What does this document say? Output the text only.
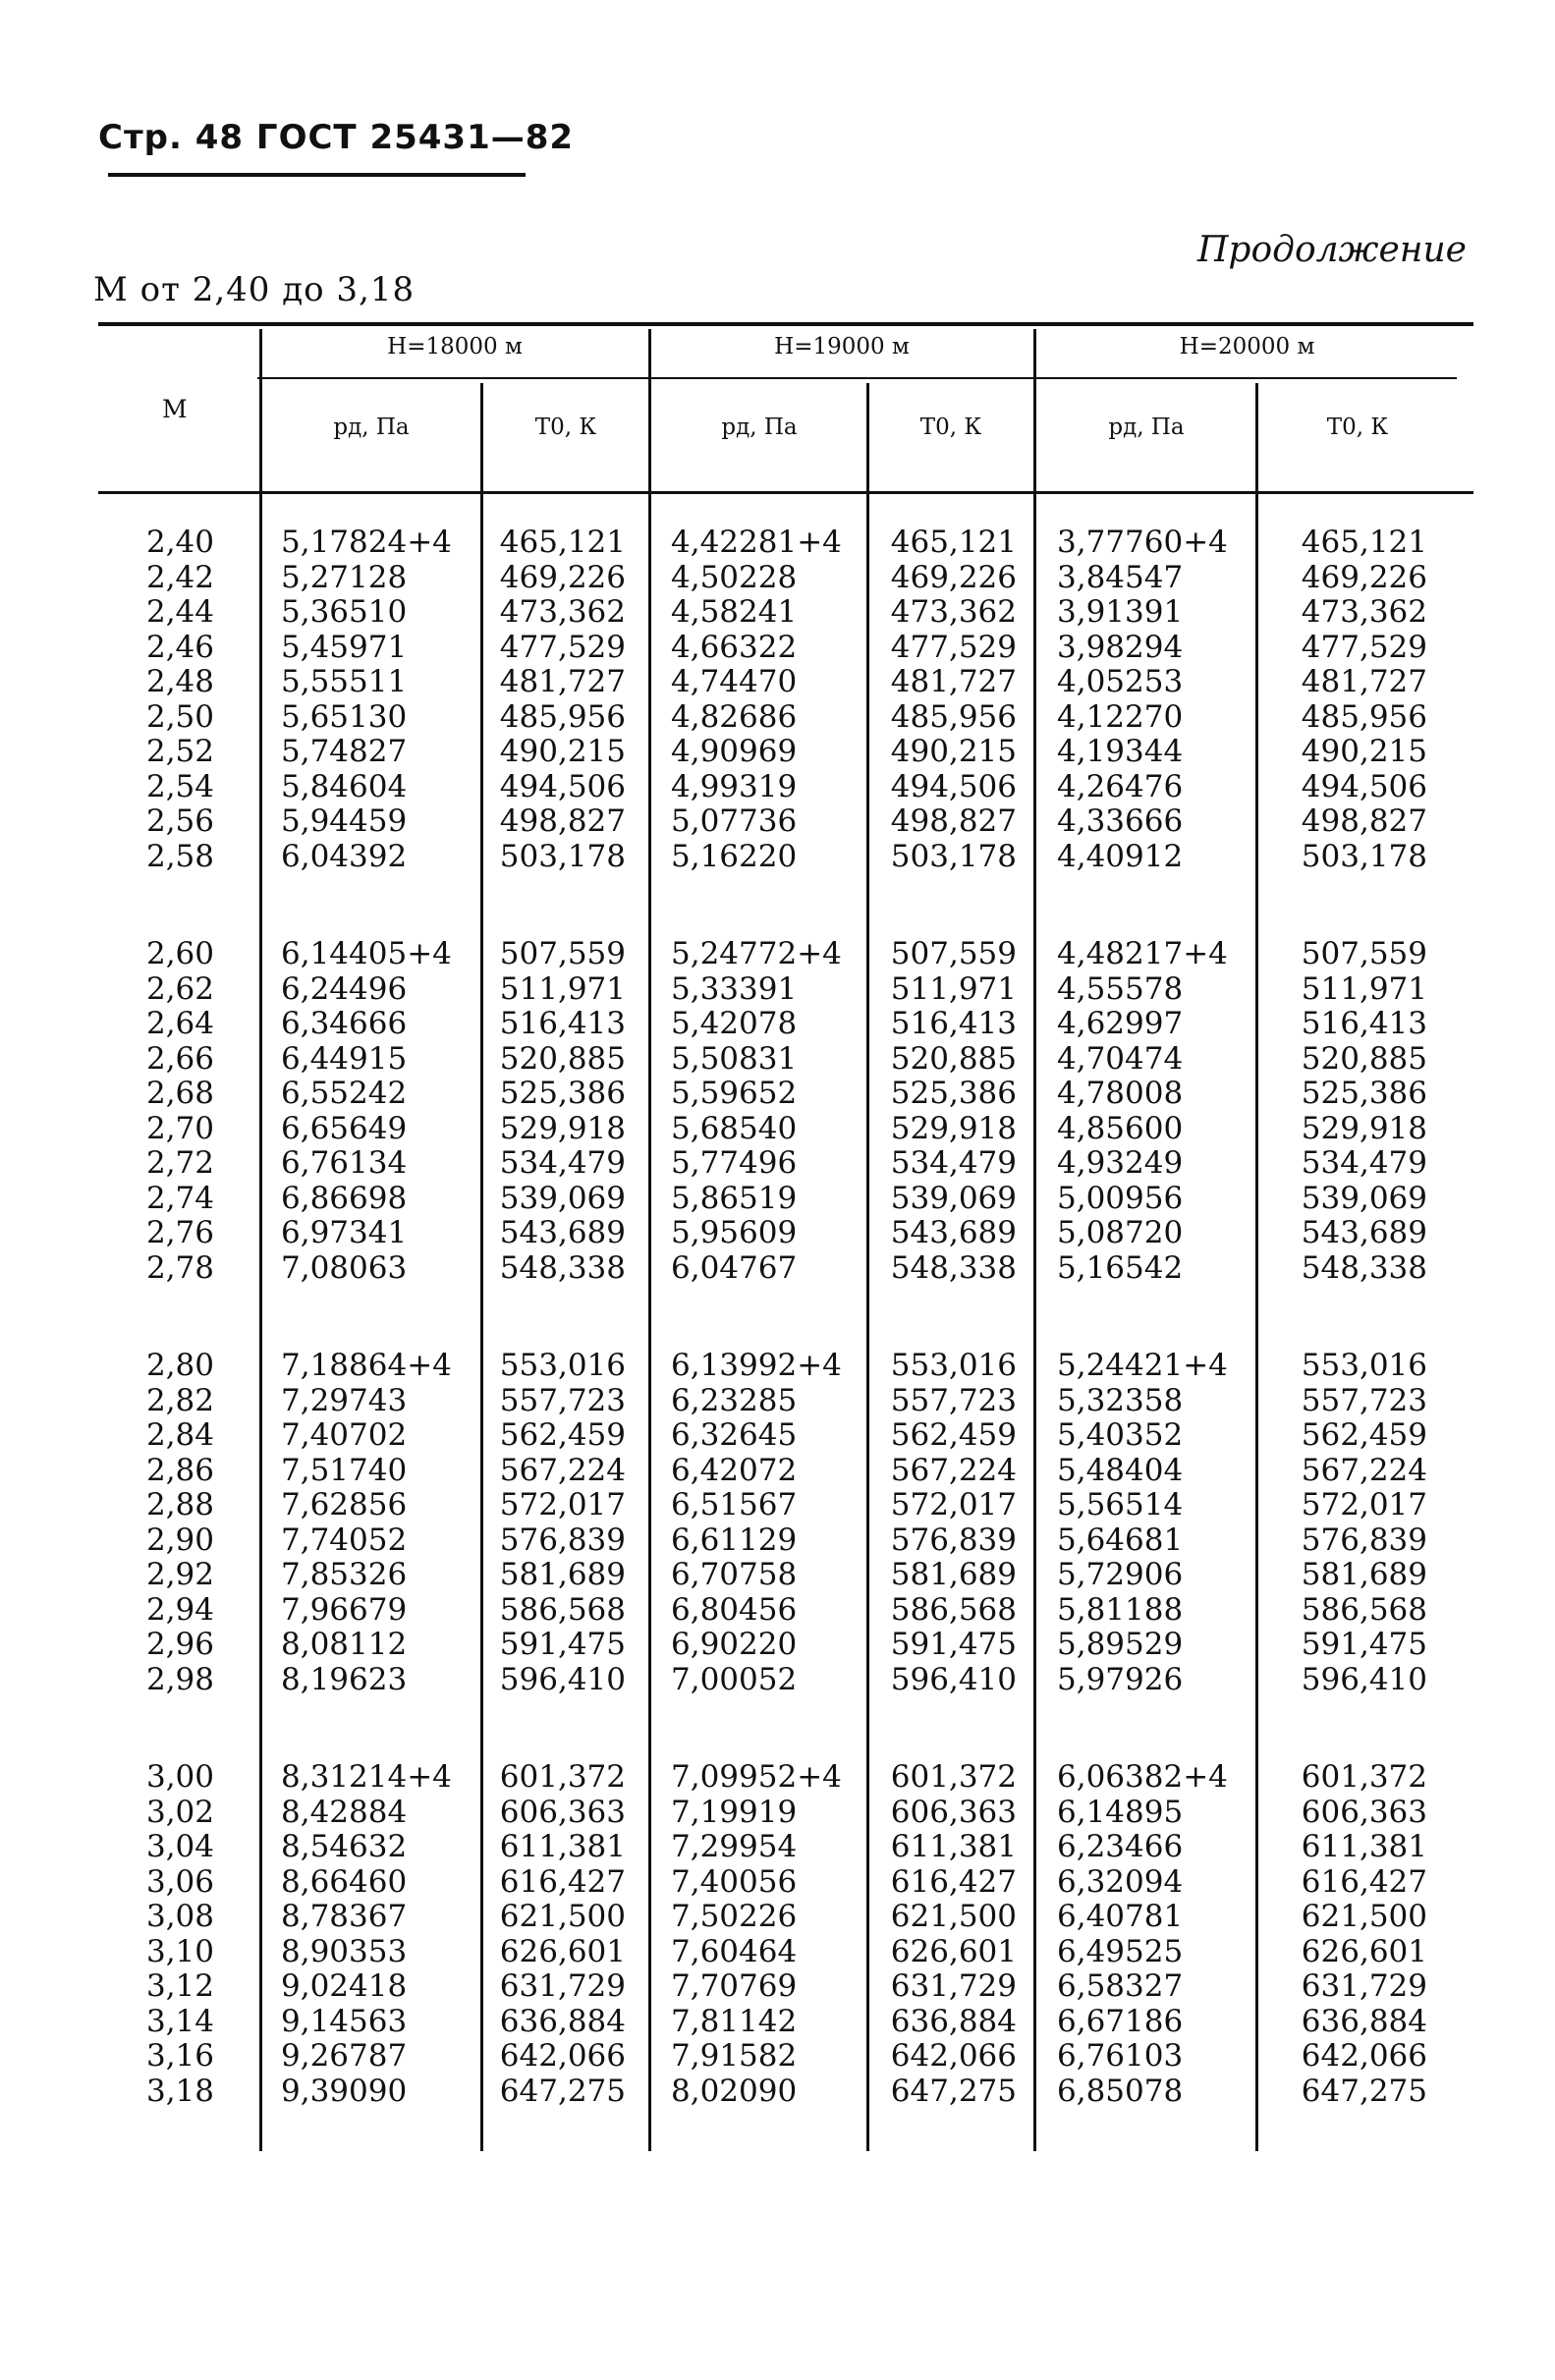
Стр. 48 ГОСТ 25431—82
Продолжение
М от 2,40 до 3,18
М
Н=18000 м	Н=19000 м	Н=20000 м
рд, Па	T0, К	рд, Па	T0, К	рд, Па	T0, К
2,40 5,17824+4 465,121 4,42281+4 465,121 3,77760+4 465,121
2,42 5,27128	469,226 4,50228	469,226 3,84547	469,226
2,44 5,36510	473,362 4,58241	473,362 3,91391	473,362
2,46 5,45971	477,529 4,66322	477,529 3,98294	477,529
2,48 5,55511	481,727 4,74470	481,727 4,05253	481,727
2,50 5,65130	485,956 4,82686	485,956 4,12270	485,956
2,52 5,74827	490,215 4,90969	490,215 4,19344	490,215
2,54 5,84604	494,506 4,99319	494,506 4,26476	494,506
2,56 5,94459	498,827 5,07736	498,827 4,33666	498,827
2,58 6,04392	503,178 5,16220	503,178 4,40912	503,178
2,60 6,14405+4 507,559 5,24772+4 507,559 4,48217+4 507,559
2,62 6,24496	511,971 5,33391	511,971 4,55578	511,971
2,64 6,34666	516,413 5,42078	516,413 4,62997	516,413
2,66 6,44915	520,885 5,50831	520,885 4,70474	520,885
2,68 6,55242	525,386 5,59652	525,386 4,78008	525,386
2,70 6,65649	529,918 5,68540	529,918 4,85600	529,918
2,72 6,76134	534,479 5,77496	534,479 4,93249	534,479
2,74 6,86698	539,069 5,86519	539,069 5,00956	539,069
2,76 6,97341	543,689 5,95609	543,689 5,08720	543,689
2,78 7,08063	548,338 6,04767	548,338 5,16542	548,338
2,80 7,18864+4 553,016 6,13992+4 553,016 5,24421+4 553,016
2,82 7,29743	557,723 6,23285	557,723 5,32358	557,723
2,84 7,40702	562,459 6,32645	562,459 5,40352	562,459
2,86 7,51740	567,224 6,42072	567,224 5,48404	567,224
2,88 7,62856	572,017 6,51567	572,017 5,56514	572,017
2,90 7,74052	576,839 6,61129	576,839 5,64681	576,839
2,92 7,85326	581,689 6,70758	581,689 5,72906	581,689
2,94 7,96679	586,568 6,80456	586,568 5,81188	586,568
2,96 8,08112	591,475 6,90220	591,475 5,89529	591,475
2,98 8,19623	596,410 7,00052	596,410 5,97926	596,410
3,00 8,31214+4 601,372 7,09952+4 601,372 6,06382+4 601,372
3,02 8,42884	606,363 7,19919	606,363 6,14895	606,363
3,04 8,54632	611,381 7,29954	611,381 6,23466	611,381
3,06 8,66460	616,427 7,40056	616,427 6,32094	616,427
3,08 8,78367	621,500 7,50226	621,500 6,40781	621,500
3,10 8,90353	626,601 7,60464	626,601 6,49525	626,601
3,12 9,02418	631,729 7,70769	631,729 6,58327	631,729
3,14 9,14563	636,884 7,81142	636,884 6,67186	636,884
3,16 9,26787	642,066 7,91582	642,066 6,76103	642,066
3,18 9,39090	647,275 8,02090	647,275 6,85078	647,275
